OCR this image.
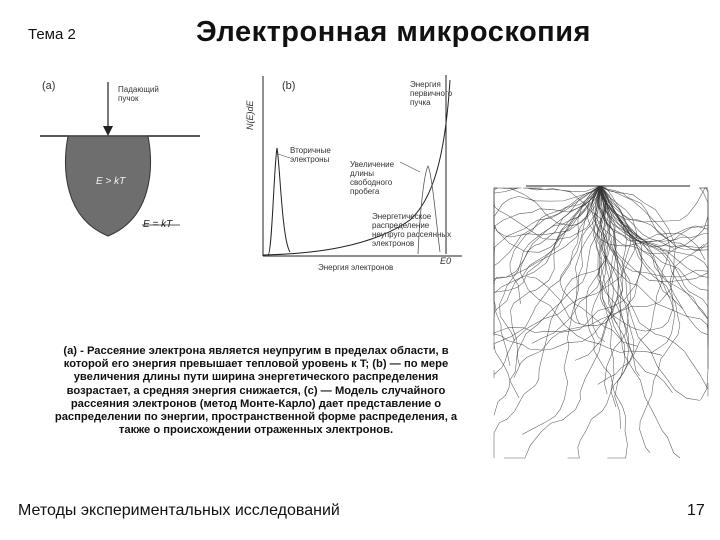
Тема 2	Электронная микроскопия
(a)	Падающий
пучок
E > kT
E = kT
(b)
N(E)dE
Энергия электронов
E0
Энергия
первичного
пучка
Вторичные
электроны
Увеличение
длины
свободного
пробега
Энергетическое
распределение
неупруго рассеянных
электронов
(a) - Рассеяние электрона является неупругим в пределах области, в которой его энергия превышает тепловой уровень к T; (b) — по мере увеличения длины пути ширина энергетического распределения возрастает, а средняя энергия снижается, (c) — Модель случайного рассеяния электронов (метод Монте-Карло) дает представление о распределении по энергии, пространственной форме распределения, а также о происхождении отраженных электронов.
Методы экспериментальных исследований	17
